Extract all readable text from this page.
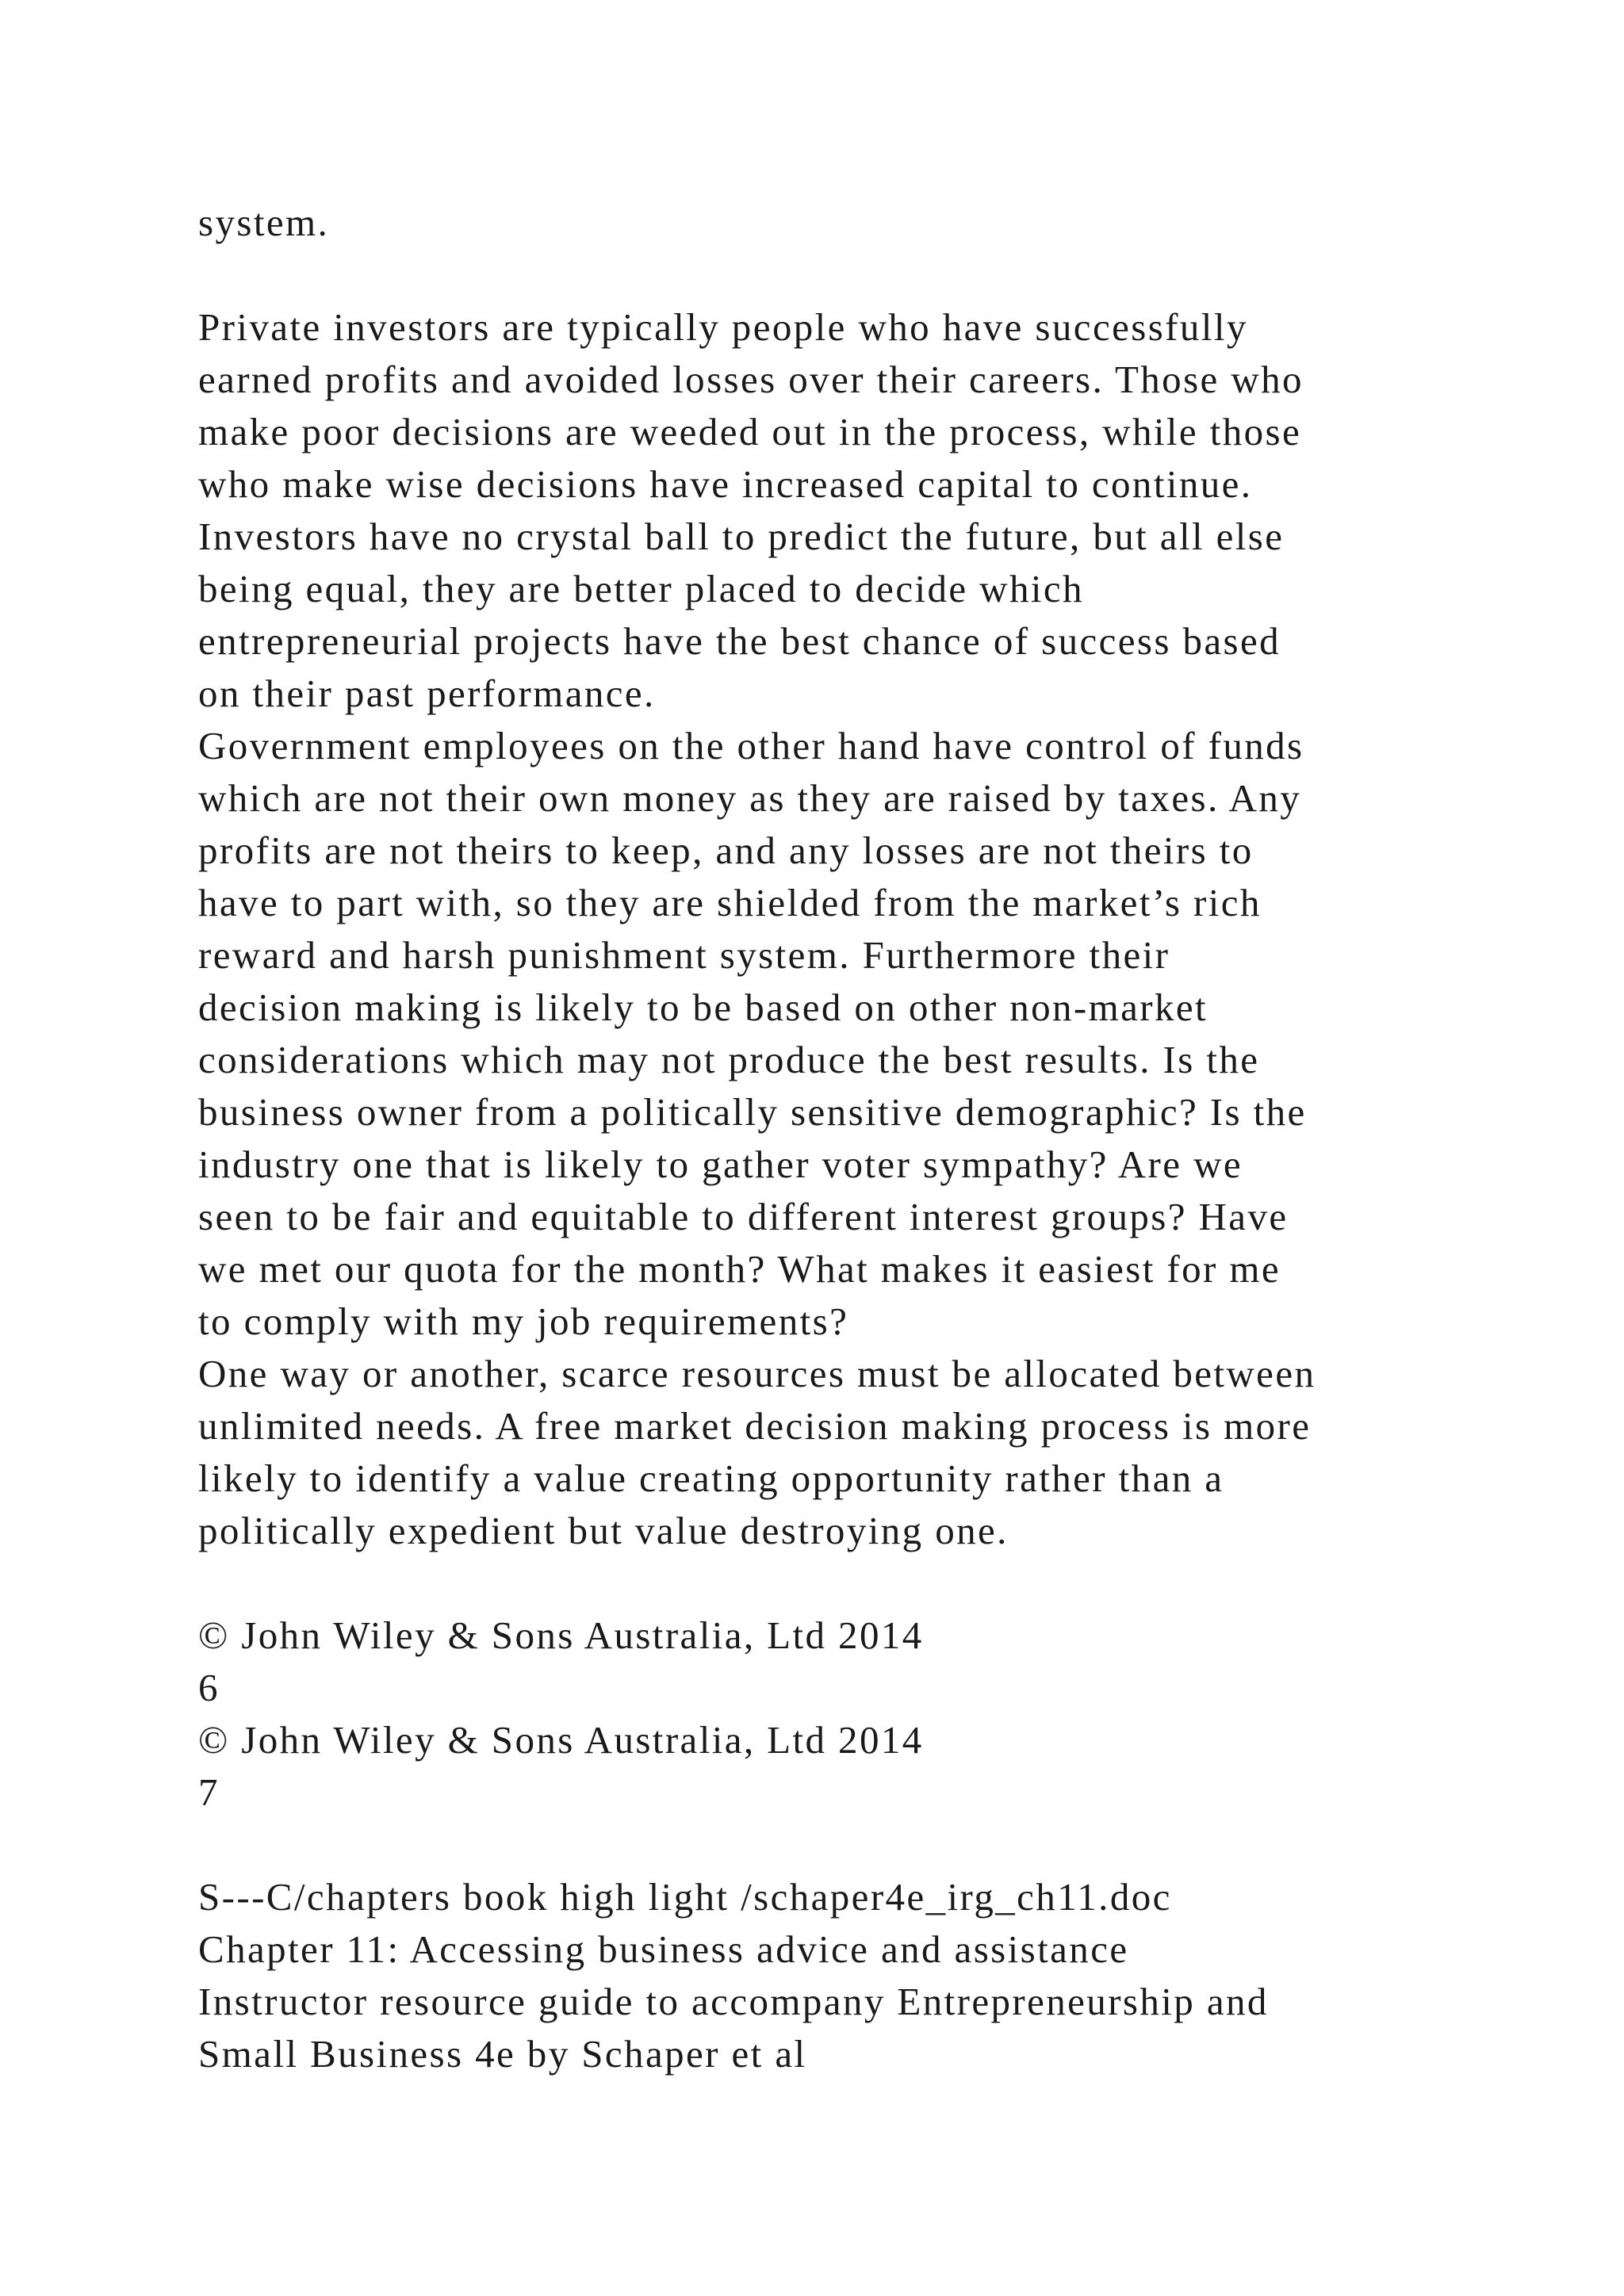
system.
Private investors are typically people who have successfully
earned profits and avoided losses over their careers. Those who
make poor decisions are weeded out in the process, while those
who make wise decisions have increased capital to continue.
Investors have no crystal ball to predict the future, but all else
being equal, they are better placed to decide which
entrepreneurial projects have the best chance of success based
on their past performance.
Government employees on the other hand have control of funds
which are not their own money as they are raised by taxes. Any
profits are not theirs to keep, and any losses are not theirs to
have to part with, so they are shielded from the market’s rich
reward and harsh punishment system. Furthermore their
decision making is likely to be based on other non-market
considerations which may not produce the best results. Is the
business owner from a politically sensitive demographic? Is the
industry one that is likely to gather voter sympathy? Are we
seen to be fair and equitable to different interest groups? Have
we met our quota for the month? What makes it easiest for me
to comply with my job requirements?
One way or another, scarce resources must be allocated between
unlimited needs. A free market decision making process is more
likely to identify a value creating opportunity rather than a
politically expedient but value destroying one.
© John Wiley & Sons Australia, Ltd 2014
6
© John Wiley & Sons Australia, Ltd 2014
7
S---C/chapters book high light /schaper4e_irg_ch11.doc
Chapter 11: Accessing business advice and assistance
Instructor resource guide to accompany Entrepreneurship and
Small Business 4e by Schaper et al
